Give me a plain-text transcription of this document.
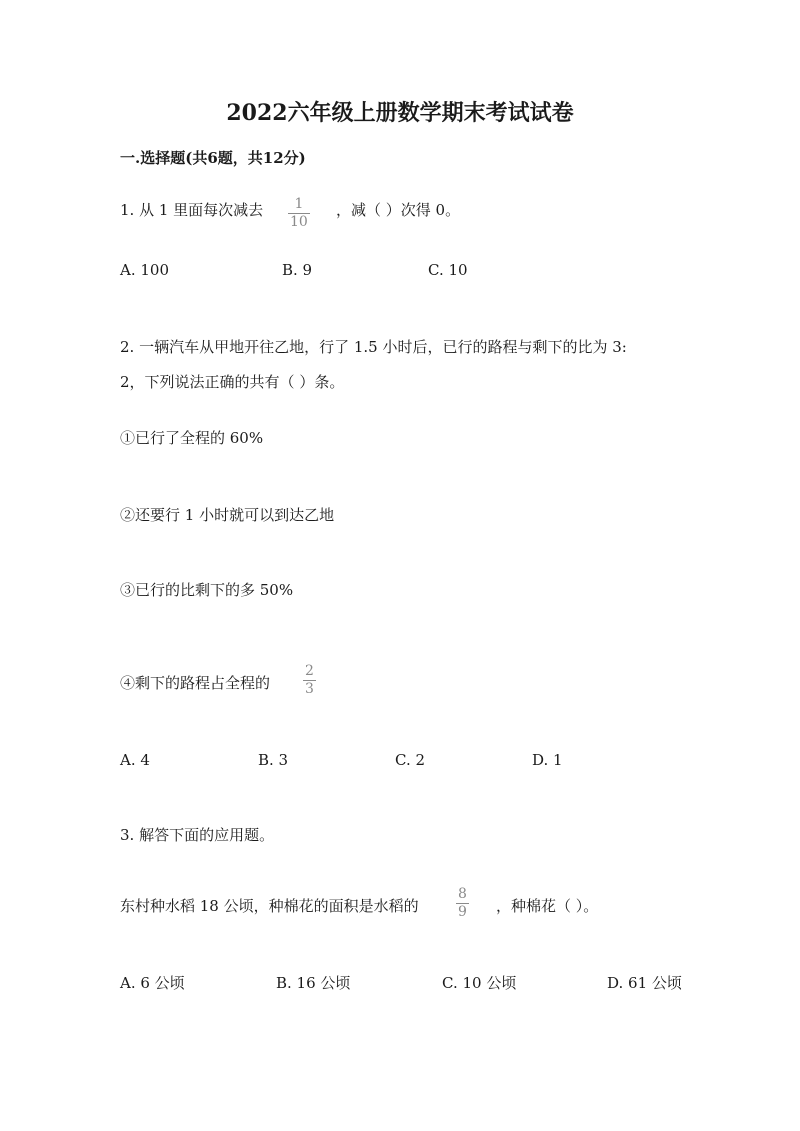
2022六年级上册数学期末考试试卷
一.选择题(共6题，共12分)
1. 从 1 里面每次减去 1
10
，减（ ）次得 0。
A. 100	B. 9	C. 10
2. 一辆汽车从甲地开往乙地，行了 1.5 小时后，已行的路程与剩下的比为 3:
2，下列说法正确的共有（ ）条。
①已行了全程的 60%
②还要行 1 小时就可以到达乙地
③已行的比剩下的多 50%
④剩下的路程占全程的
2
3
A. 4	B. 3	C. 2	D. 1
3. 解答下面的应用题。
东村种水稻 18 公顷，种棉花的面积是水稻的
8
9 ，种棉花（ ）。
A. 6 公顷	B. 16 公顷	C. 10 公顷	D. 61 公顷
